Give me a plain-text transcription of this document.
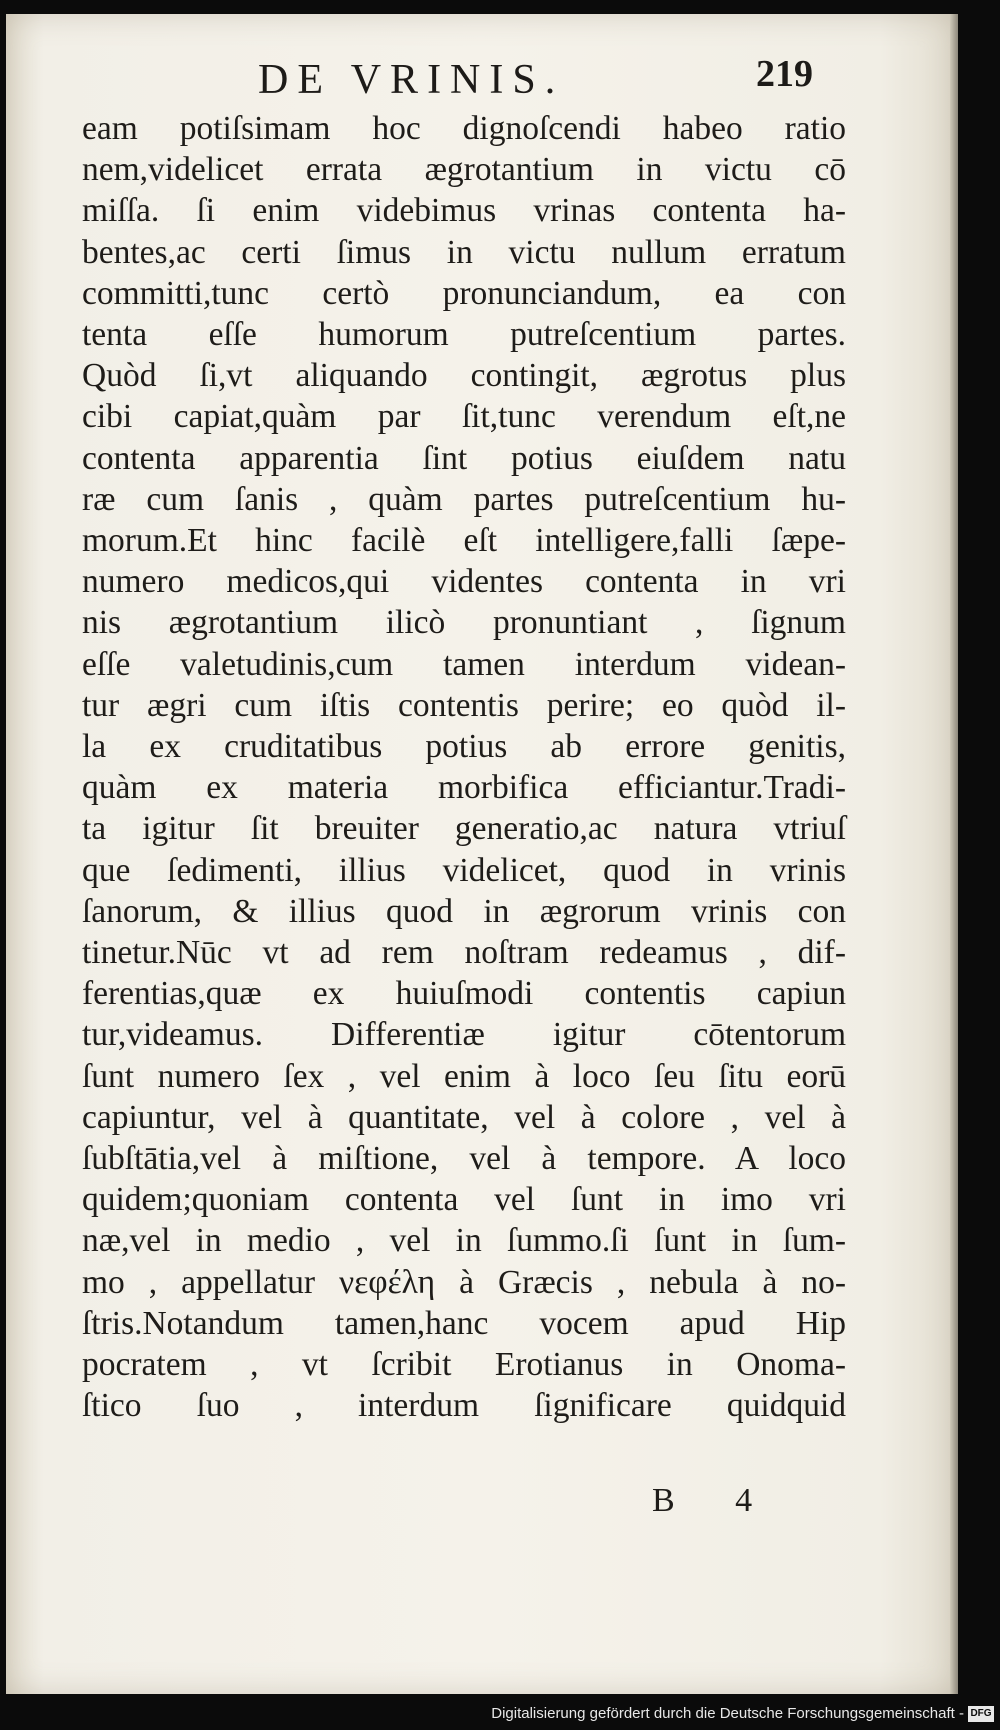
DE VRINIS.	219
eam potiſsimam hoc dignoſcendi habeo ratio
nem,videlicet errata ægrotantium in victu cō
miſſa. ſi enim videbimus vrinas contenta ha-
bentes,ac certi ſimus in victu nullum erratum
committi,tunc certò pronunciandum, ea con
tenta eſſe humorum putreſcentium partes.
Quòd ſi,vt aliquando contingit, ægrotus plus
cibi capiat,quàm par ſit,tunc verendum eſt,ne
contenta apparentia ſint potius eiuſdem natu
ræ cum ſanis , quàm partes putreſcentium hu-
morum.Et hinc facilè eſt intelligere,falli ſæpe-
numero medicos,qui videntes contenta in vri
nis ægrotantium ilicò pronuntiant , ſignum
eſſe valetudinis,cum tamen interdum videan-
tur ægri cum iſtis contentis perire; eo quòd il-
la ex cruditatibus potius ab errore genitis,
quàm ex materia morbifica efficiantur.Tradi-
ta igitur ſit breuiter generatio,ac natura vtriuſ
que ſedimenti, illius videlicet, quod in vrinis
ſanorum, & illius quod in ægrorum vrinis con
tinetur.Nūc vt ad rem noſtram redeamus , dif-
ferentias,quæ ex huiuſmodi contentis capiun
tur,videamus. Differentiæ igitur cōtentorum
ſunt numero ſex , vel enim à loco ſeu ſitu eorū
capiuntur, vel à quantitate, vel à colore , vel à
ſubſtātia,vel à miſtione, vel à tempore. A loco
quidem;quoniam contenta vel ſunt in imo vri
næ,vel in medio , vel in ſummo.ſi ſunt in ſum-
mo , appellatur νεφέλη à Græcis , nebula à no-
ſtris.Notandum tamen,hanc vocem apud Hip
pocratem , vt ſcribit Erotianus in Onoma-
ſtico ſuo , interdum ſignificare quidquid
B 4
Digitalisierung gefördert durch die Deutsche Forschungsgemeinschaft - DFG
